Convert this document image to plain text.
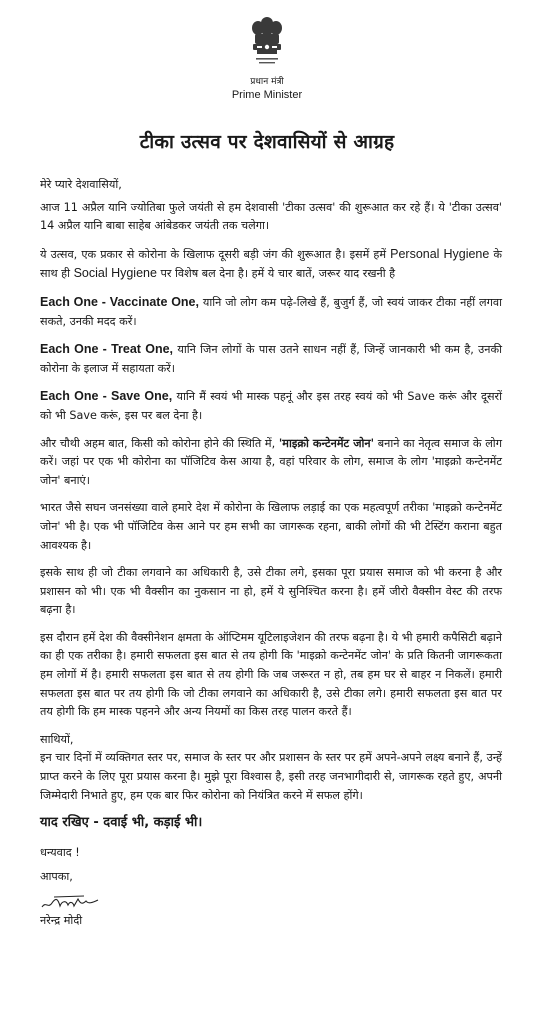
प्रधान मंत्री
Prime Minister
टीका उत्सव पर देशवासियों से आग्रह

मेरे प्यारे देशवासियों,

आज 11 अप्रैल यानि ज्योतिबा फुले जयंती से हम देशवासी 'टीका उत्सव' की शुरूआत कर रहे हैं। ये 'टीका उत्सव' 14 अप्रैल यानि बाबा साहेब आंबेडकर जयंती तक चलेगा।

ये उत्सव, एक प्रकार से कोरोना के खिलाफ दूसरी बड़ी जंग की शुरूआत है। इसमें हमें Personal Hygiene के साथ ही Social Hygiene पर विशेष बल देना है। हमें ये चार बातें, जरूर याद रखनी है

Each One - Vaccinate One, यानि जो लोग कम पढ़े-लिखे हैं, बुजुर्ग हैं, जो स्वयं जाकर टीका नहीं लगवा सकते, उनकी मदद करें।

Each One - Treat One, यानि जिन लोगों के पास उतने साधन नहीं हैं, जिन्हें जानकारी भी कम है, उनकी कोरोना के इलाज में सहायता करें।

Each One - Save One, यानि मैं स्वयं भी मास्क पहनूं और इस तरह स्वयं को भी Save करूं और दूसरों को भी Save करूं, इस पर बल देना है।

और चौथी अहम बात, किसी को कोरोना होने की स्थिति में, 'माइक्रो कन्टेनमेंट जोन' बनाने का नेतृत्व समाज के लोग करें। जहां पर एक भी कोरोना का पॉजिटिव केस आया है, वहां परिवार के लोग, समाज के लोग 'माइक्रो कन्टेनमेंट जोन' बनाएं।

भारत जैसे सघन जनसंख्या वाले हमारे देश में कोरोना के खिलाफ लड़ाई का एक महत्वपूर्ण तरीका 'माइक्रो कन्टेनमेंट जोन' भी है। एक भी पॉजिटिव केस आने पर हम सभी का जागरूक रहना, बाकी लोगों की भी टेस्टिंग कराना बहुत आवश्यक है।

इसके साथ ही जो टीका लगवाने का अधिकारी है, उसे टीका लगे, इसका पूरा प्रयास समाज को भी करना है और प्रशासन को भी। एक भी वैक्सीन का नुकसान ना हो, हमें ये सुनिश्चित करना है। हमें जीरो वैक्सीन वेस्ट की तरफ बढ़ना है।

इस दौरान हमें देश की वैक्सीनेशन क्षमता के ऑप्टिमम यूटिलाइजेशन की तरफ बढ़ना है। ये भी हमारी कपैसिटी बढ़ाने का ही एक तरीका है। हमारी सफलता इस बात से तय होगी कि 'माइक्रो कन्टेनमेंट जोन' के प्रति कितनी जागरूकता हम लोगों में है। हमारी सफलता इस बात से तय होगी कि जब जरूरत न हो, तब हम घर से बाहर न निकलें। हमारी सफलता इस बात पर तय होगी कि जो टीका लगवाने का अधिकारी है, उसे टीका लगे। हमारी सफलता इस बात पर तय होगी कि हम मास्क पहनने और अन्य नियमों का किस तरह पालन करते हैं।

साथियों,
इन चार दिनों में व्यक्तिगत स्तर पर, समाज के स्तर पर और प्रशासन के स्तर पर हमें अपने-अपने लक्ष्य बनाने हैं, उन्हें प्राप्त करने के लिए पूरा प्रयास करना है। मुझे पूरा विश्वास है, इसी तरह जनभागीदारी से, जागरूक रहते हुए, अपनी जिम्मेदारी निभाते हुए, हम एक बार फिर कोरोना को नियंत्रित करने में सफल होंगे।

याद रखिए - दवाई भी, कड़ाई भी।

धन्यवाद !

आपका,

नरेन्द्र मोदी
